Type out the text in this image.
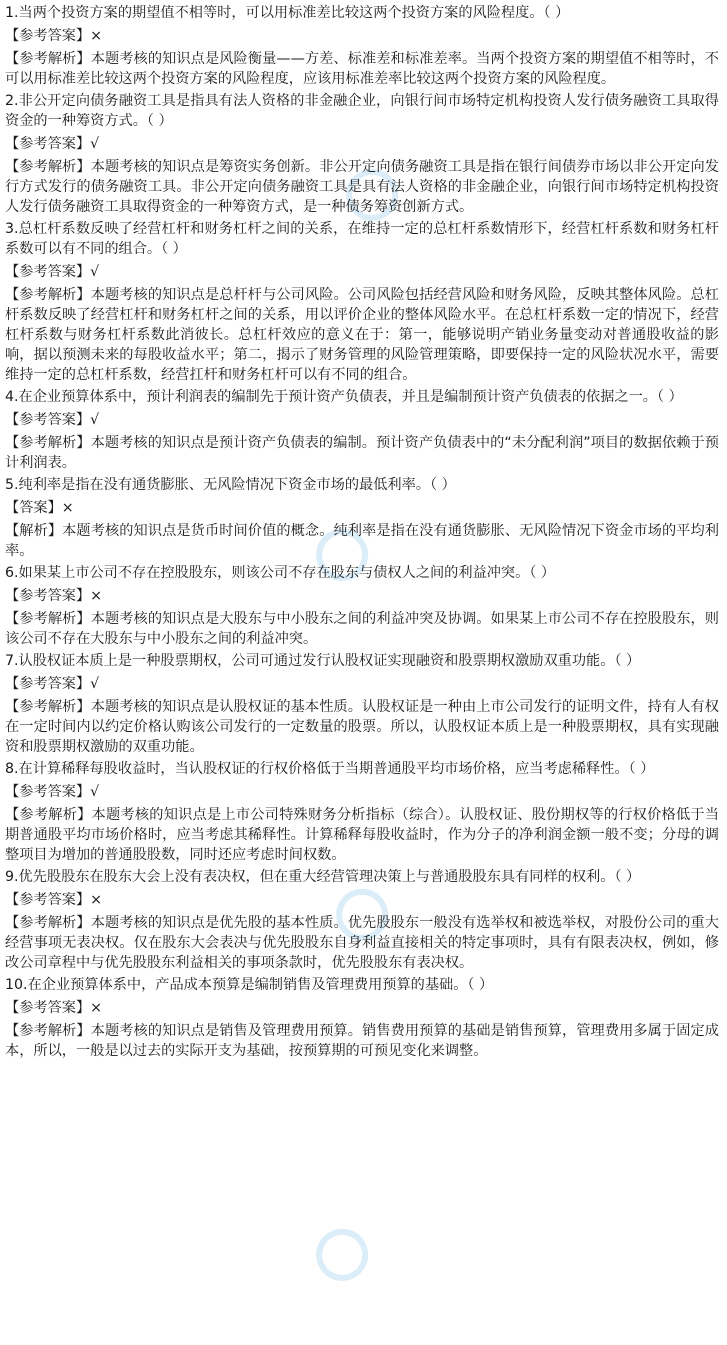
1.当两个投资方案的期望值不相等时，可以用标准差比较这两个投资方案的风险程度。（ ）

【参考答案】×

【参考解析】本题考核的知识点是风险衡量——方差、标准差和标准差率。当两个投资方案的期望值不相等时，不可以用标准差比较这两个投资方案的风险程度，应该用标准差率比较这两个投资方案的风险程度。

2.非公开定向债务融资工具是指具有法人资格的非金融企业，向银行间市场特定机构投资人发行债务融资工具取得资金的一种筹资方式。（ ）

【参考答案】√

【参考解析】本题考核的知识点是筹资实务创新。非公开定向债务融资工具是指在银行间债券市场以非公开定向发行方式发行的债务融资工具。非公开定向债务融资工具是具有法人资格的非金融企业，向银行间市场特定机构投资人发行债务融资工具取得资金的一种筹资方式，是一种债务筹资创新方式。

3.总杠杆系数反映了经营杠杆和财务杠杆之间的关系，在维持一定的总杠杆系数情形下，经营杠杆系数和财务杠杆系数可以有不同的组合。（ ）

【参考答案】√

【参考解析】本题考核的知识点是总杆杆与公司风险。公司风险包括经营风险和财务风险，反映其整体风险。总杠杆系数反映了经营杠杆和财务杠杆之间的关系，用以评价企业的整体风险水平。在总杠杆系数一定的情况下，经营杠杆系数与财务杠杆系数此消彼长。总杠杆效应的意义在于：第一，能够说明产销业务量变动对普通股收益的影响，据以预测未来的每股收益水平；第二，揭示了财务管理的风险管理策略，即要保持一定的风险状况水平，需要维持一定的总杠杆系数，经营扛杆和财务杠杆可以有不同的组合。

4.在企业预算体系中，预计利润表的编制先于预计资产负债表，并且是编制预计资产负债表的依据之一。（ ）

【参考答案】√

【参考解析】本题考核的知识点是预计资产负债表的编制。预计资产负债表中的“未分配利润”项目的数据依赖于预计利润表。

5.纯利率是指在没有通货膨胀、无风险情况下资金市场的最低利率。（ ）

【答案】×

【解析】本题考核的知识点是货币时间价值的概念。纯利率是指在没有通货膨胀、无风险情况下资金市场的平均利率。

6.如果某上市公司不存在控股股东，则该公司不存在股东与债权人之间的利益冲突。（ ）

【参考答案】×

【参考解析】本题考核的知识点是大股东与中小股东之间的利益冲突及协调。如果某上市公司不存在控股股东，则该公司不存在大股东与中小股东之间的利益冲突。

7.认股权证本质上是一种股票期权，公司可通过发行认股权证实现融资和股票期权激励双重功能。（ ）

【参考答案】√

【参考解析】本题考核的知识点是认股权证的基本性质。认股权证是一种由上市公司发行的证明文件，持有人有权在一定时间内以约定价格认购该公司发行的一定数量的股票。所以，认股权证本质上是一种股票期权，具有实现融资和股票期权激励的双重功能。

8.在计算稀释每股收益时，当认股权证的行权价格低于当期普通股平均市场价格，应当考虑稀释性。（ ）

【参考答案】√

【参考解析】本题考核的知识点是上市公司特殊财务分析指标（综合）。认股权证、股份期权等的行权价格低于当期普通股平均市场价格时，应当考虑其稀释性。计算稀释每股收益时，作为分子的净利润金额一般不变；分母的调整项目为增加的普通股股数，同时还应考虑时间权数。

9.优先股股东在股东大会上没有表决权，但在重大经营管理决策上与普通股股东具有同样的权利。（ ）

【参考答案】×

【参考解析】本题考核的知识点是优先股的基本性质。优先股股东一般没有选举权和被选举权，对股份公司的重大经营事项无表决权。仅在股东大会表决与优先股股东自身利益直接相关的特定事项时，具有有限表决权，例如，修改公司章程中与优先股股东利益相关的事项条款时，优先股股东有表决权。

10.在企业预算体系中，产品成本预算是编制销售及管理费用预算的基础。（ ）

【参考答案】×

【参考解析】本题考核的知识点是销售及管理费用预算。销售费用预算的基础是销售预算，管理费用多属于固定成本，所以，一般是以过去的实际开支为基础，按预算期的可预见变化来调整。
